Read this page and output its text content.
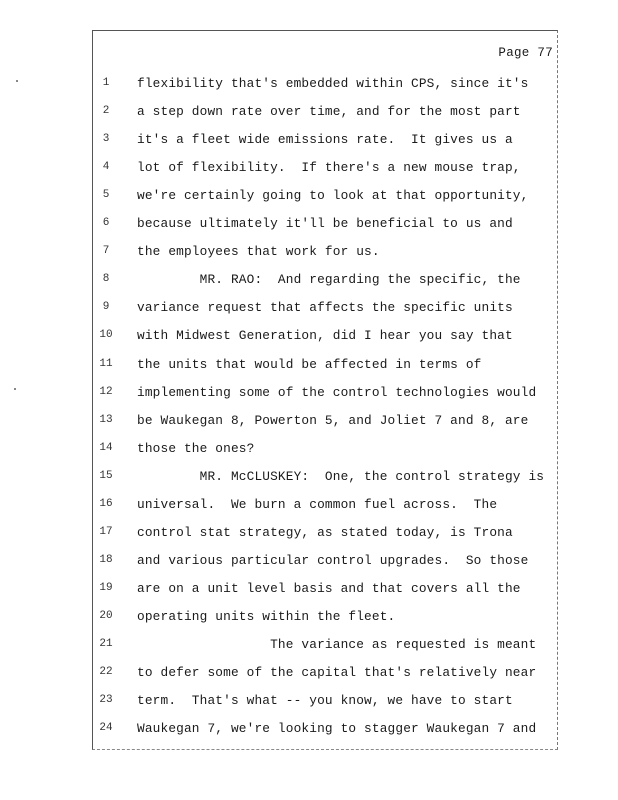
Page 77
1	flexibility that's embedded within CPS, since it's
2	a step down rate over time, and for the most part
3	it's a fleet wide emissions rate.  It gives us a
4	lot of flexibility.  If there's a new mouse trap,
5	we're certainly going to look at that opportunity,
6	because ultimately it'll be beneficial to us and
7	the employees that work for us.
8	MR. RAO:  And regarding the specific, the
9	variance request that affects the specific units
10	with Midwest Generation, did I hear you say that
11	the units that would be affected in terms of
12	implementing some of the control technologies would
13	be Waukegan 8, Powerton 5, and Joliet 7 and 8, are
14	those the ones?
15	MR. McCLUSKEY:  One, the control strategy is
16	universal.  We burn a common fuel across.  The
17	control stat strategy, as stated today, is Trona
18	and various particular control upgrades.  So those
19	are on a unit level basis and that covers all the
20	operating units within the fleet.
21	The variance as requested is meant
22	to defer some of the capital that's relatively near
23	term.  That's what -- you know, we have to start
24	Waukegan 7, we're looking to stagger Waukegan 7 and
